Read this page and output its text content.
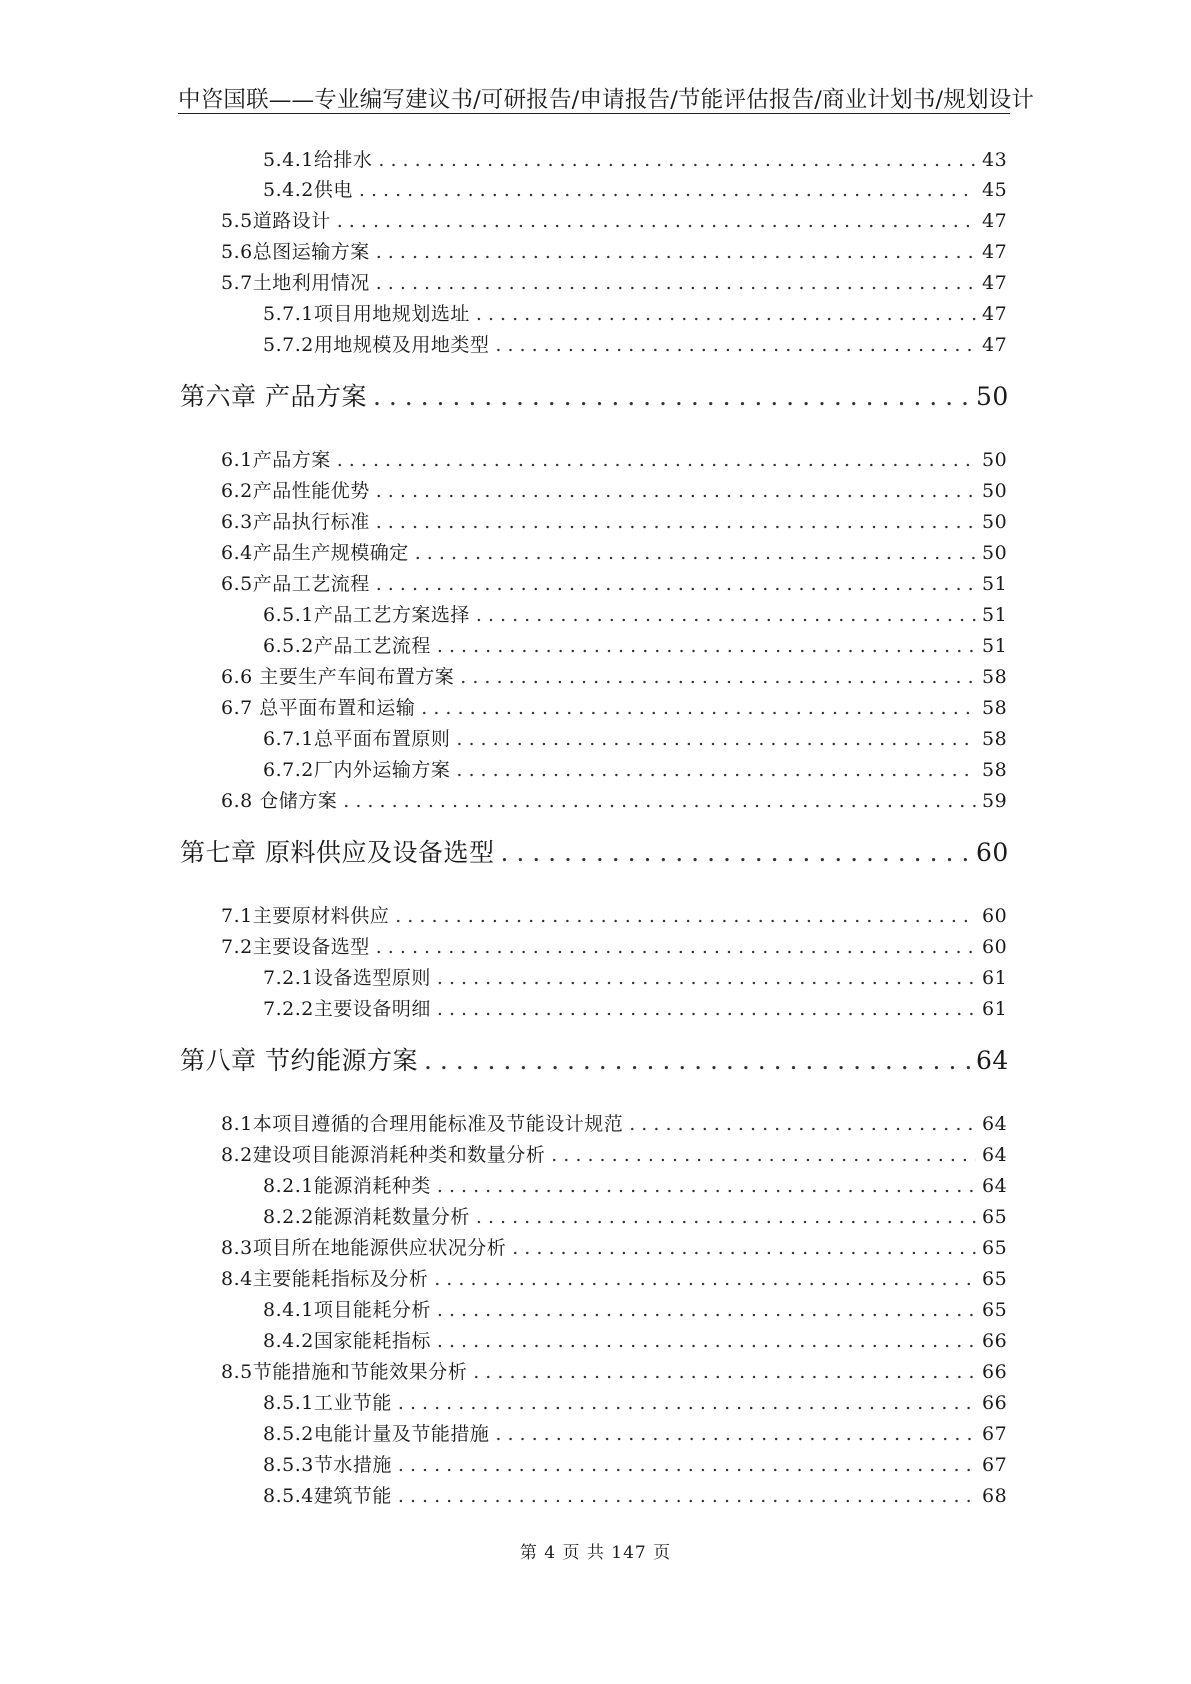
中咨国联——专业编写建议书/可研报告/申请报告/节能评估报告/商业计划书/规划设计
5.4.1给排水 . . .	43
5.4.2供电 . . .	45
5.5道路设计 . . .	47
5.6总图运输方案 . . .	47
5.7土地利用情况 . . .	47
5.7.1项目用地规划选址 . . .	47
5.7.2用地规模及用地类型 . . .	47
第六章 产品方案 . . .	50
6.1产品方案 . . .	50
6.2产品性能优势 . . .	50
6.3产品执行标准 . . .	50
6.4产品生产规模确定 . . .	50
6.5产品工艺流程 . . .	51
6.5.1产品工艺方案选择 . . .	51
6.5.2产品工艺流程 . . .	51
6.6 主要生产车间布置方案 . . .	58
6.7 总平面布置和运输 . . .	58
6.7.1总平面布置原则 . . .	58
6.7.2厂内外运输方案 . . .	58
6.8 仓储方案 . . .	59
第七章 原料供应及设备选型 . . .	60
7.1主要原材料供应 . . .	60
7.2主要设备选型 . . .	60
7.2.1设备选型原则 . . .	61
7.2.2主要设备明细 . . .	61
第八章 节约能源方案 . . .	64
8.1本项目遵循的合理用能标准及节能设计规范 . . .	64
8.2建设项目能源消耗种类和数量分析 . . .	64
8.2.1能源消耗种类 . . .	64
8.2.2能源消耗数量分析 . . .	65
8.3项目所在地能源供应状况分析 . . .	65
8.4主要能耗指标及分析 . . .	65
8.4.1项目能耗分析 . . .	65
8.4.2国家能耗指标 . . .	66
8.5节能措施和节能效果分析 . . .	66
8.5.1工业节能 . . .	66
8.5.2电能计量及节能措施 . . .	67
8.5.3节水措施 . . .	67
8.5.4建筑节能 . . .	68
第 4 页 共 147 页
